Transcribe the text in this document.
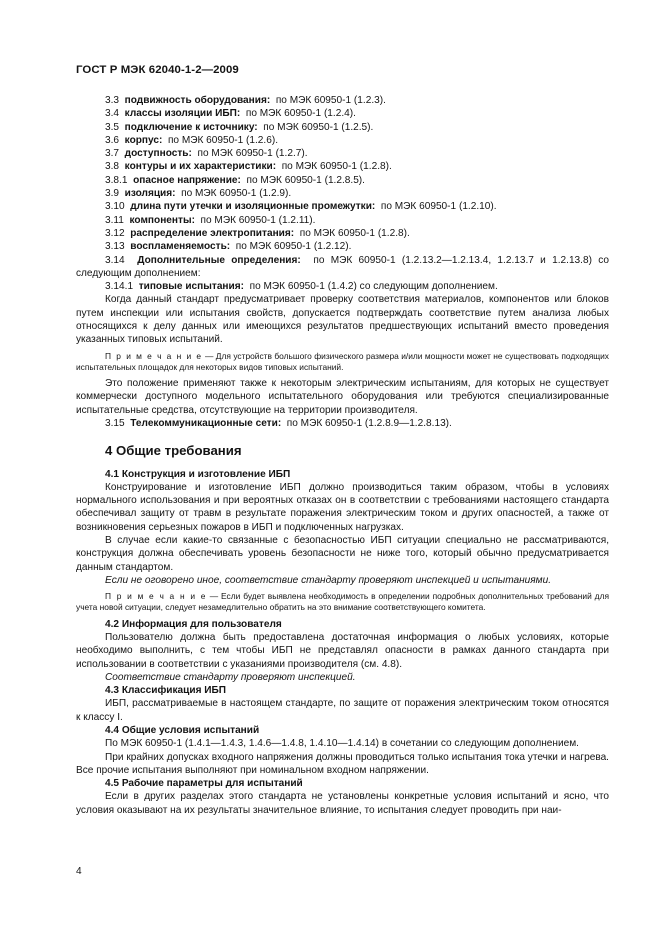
ГОСТ Р МЭК 62040-1-2—2009

3.3 подвижность оборудования: по МЭК 60950-1 (1.2.3).

3.4 классы изоляции ИБП: по МЭК 60950-1 (1.2.4).

3.5 подключение к источнику: по МЭК 60950-1 (1.2.5).

3.6 корпус: по МЭК 60950-1 (1.2.6).

3.7 доступность: по МЭК 60950-1 (1.2.7).

3.8 контуры и их характеристики: по МЭК 60950-1 (1.2.8).

3.8.1 опасное напряжение: по МЭК 60950-1 (1.2.8.5).

3.9 изоляция: по МЭК 60950-1 (1.2.9).

3.10 длина пути утечки и изоляционные промежутки: по МЭК 60950-1 (1.2.10).

3.11 компоненты: по МЭК 60950-1 (1.2.11).

3.12 распределение электропитания: по МЭК 60950-1 (1.2.8).

3.13 воспламеняемость: по МЭК 60950-1 (1.2.12).

3.14 Дополнительные определения: по МЭК 60950-1 (1.2.13.2—1.2.13.4, 1.2.13.7 и 1.2.13.8) со следующим дополнением:

3.14.1 типовые испытания: по МЭК 60950-1 (1.4.2) со следующим дополнением.

Когда данный стандарт предусматривает проверку соответствия материалов, компонентов или блоков путем инспекции или испытания свойств, допускается подтверждать соответствие путем анализа любых относящихся к делу данных или имеющихся результатов предшествующих испытаний вместо проведения указанных типовых испытаний.

П р и м е ч а н и е — Для устройств большого физического размера и/или мощности может не существовать подходящих испытательных площадок для некоторых видов типовых испытаний.

Это положение применяют также к некоторым электрическим испытаниям, для которых не существует коммерчески доступного модельного испытательного оборудования или требуются специализированные испытательные средства, отсутствующие на территории производителя.

3.15 Телекоммуникационные сети: по МЭК 60950-1 (1.2.8.9—1.2.8.13).

4 Общие требования

4.1 Конструкция и изготовление ИБП

Конструирование и изготовление ИБП должно производиться таким образом, чтобы в условиях нормального использования и при вероятных отказах он в соответствии с требованиями настоящего стандарта обеспечивал защиту от травм в результате поражения электрическим током и других опасностей, а также от возникновения серьезных пожаров в ИБП и подключенных нагрузках.

В случае если какие-то связанные с безопасностью ИБП ситуации специально не рассматриваются, конструкция должна обеспечивать уровень безопасности не ниже того, который обычно предусматривается данным стандартом.

Если не оговорено иное, соответствие стандарту проверяют инспекцией и испытаниями.

П р и м е ч а н и е — Если будет выявлена необходимость в определении подробных дополнительных требований для учета новой ситуации, следует незамедлительно обратить на это внимание соответствующего комитета.

4.2 Информация для пользователя

Пользователю должна быть предоставлена достаточная информация о любых условиях, которые необходимо выполнить, с тем чтобы ИБП не представлял опасности в рамках данного стандарта при использовании в соответствии с указаниями производителя (см. 4.8).

Соответствие стандарту проверяют инспекцией.

4.3 Классификация ИБП

ИБП, рассматриваемые в настоящем стандарте, по защите от поражения электрическим током относятся к классу I.

4.4 Общие условия испытаний

По МЭК 60950-1 (1.4.1—1.4.3, 1.4.6—1.4.8, 1.4.10—1.4.14) в сочетании со следующим дополнением.

При крайних допусках входного напряжения должны проводиться только испытания тока утечки и нагрева. Все прочие испытания выполняют при номинальном входном напряжении.

4.5 Рабочие параметры для испытаний

Если в других разделах этого стандарта не установлены конкретные условия испытаний и ясно, что условия оказывают на их результаты значительное влияние, то испытания следует проводить при наи-

4
